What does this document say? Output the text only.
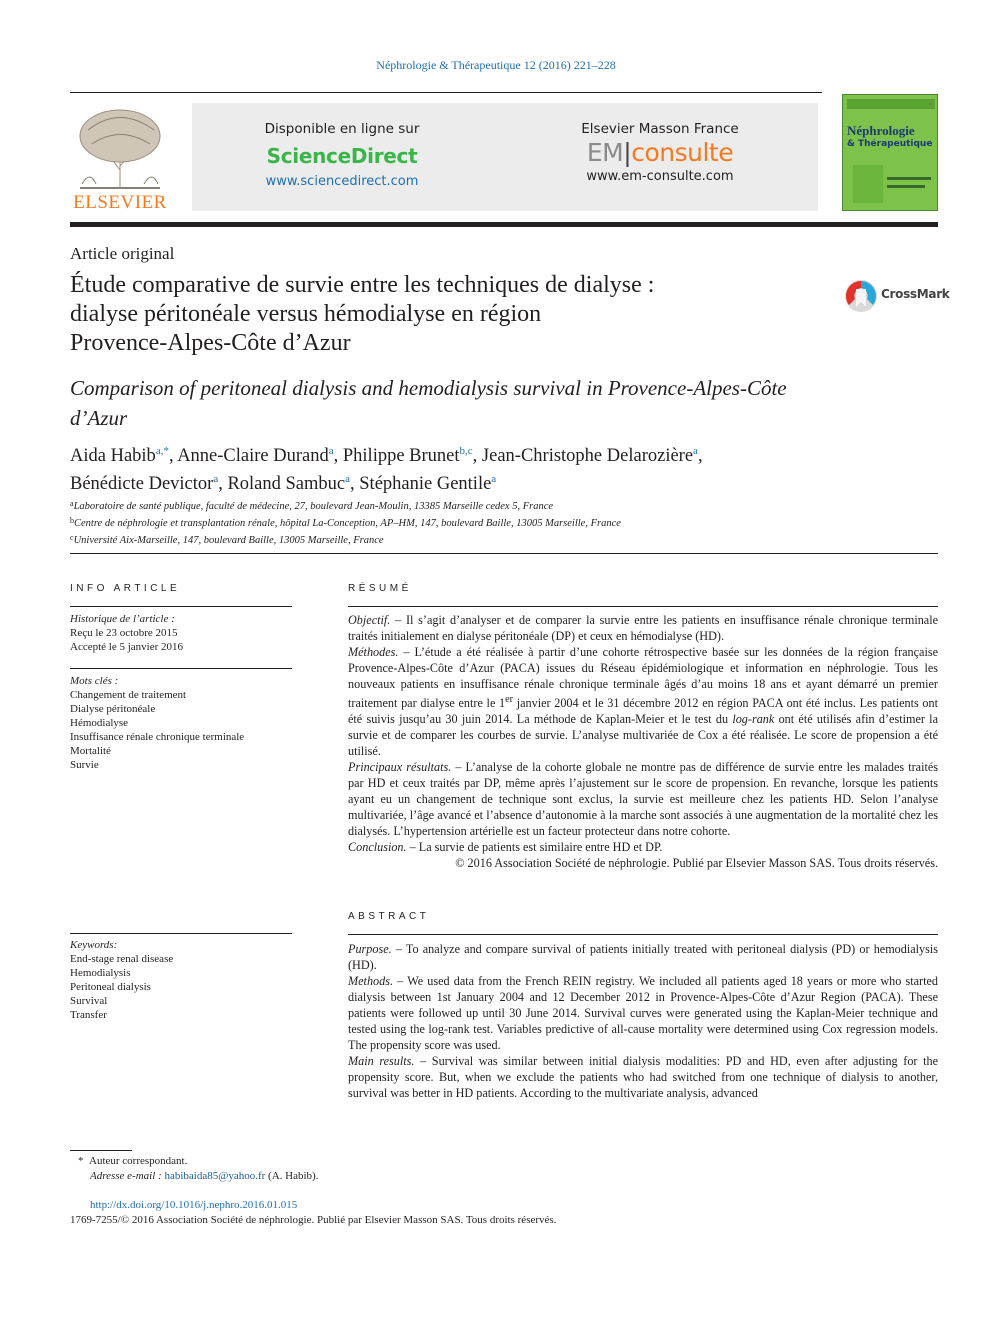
Néphrologie & Thérapeutique 12 (2016) 221–228
ELSEVIER
Disponible en ligne sur
ScienceDirect
www.sciencedirect.com
Elsevier Masson France
EM|consulte
www.em-consulte.com
Néphrologie
& Thérapeutique
Article original
Étude comparative de survie entre les techniques de dialyse :
dialyse péritonéale versus hémodialyse en région
Provence-Alpes-Côte d’Azur
CrossMark
Comparison of peritoneal dialysis and hemodialysis survival in Provence-Alpes-Côte
d’Azur
Aida Habib$^{a,*}$, Anne-Claire Durand$^a$, Philippe Brunet$^{b,c}$, Jean-Christophe Delarozière$^a$,
Bénédicte Devictor$^a$, Roland Sambuc$^a$, Stéphanie Gentile$^a$
$^a$Laboratoire de santé publique, faculté de médecine, 27, boulevard Jean-Moulin, 13385 Marseille cedex 5, France
$^b$Centre de néphrologie et transplantation rénale, hôpital La-Conception, AP–HM, 147, boulevard Baille, 13005 Marseille, France
$^c$Université Aix-Marseille, 147, boulevard Baille, 13005 Marseille, France
INFO ARTICLE
Historique de l’article :
Reçu le 23 octobre 2015
Accepté le 5 janvier 2016
Mots clés :
Changement de traitement
Dialyse péritonéale
Hémodialyse
Insuffisance rénale chronique terminale
Mortalité
Survie
Keywords:
End-stage renal disease
Hemodialysis
Peritoneal dialysis
Survival
Transfer
RÉSUMÉ

Objectif. – Il s’agit d’analyser et de comparer la survie entre les patients en insuffisance rénale chronique terminale traités initialement en dialyse péritonéale (DP) et ceux en hémodialyse (HD).

Méthodes. – L’étude a été réalisée à partir d’une cohorte rétrospective basée sur les données de la région française Provence-Alpes-Côte d’Azur (PACA) issues du Réseau épidémiologique et information en néphrologie. Tous les nouveaux patients en insuffisance rénale chronique terminale âgés d’au moins 18 ans et ayant démarré un premier traitement par dialyse entre le 1er janvier 2004 et le 31 décembre 2012 en région PACA ont été inclus. Les patients ont été suivis jusqu’au 30 juin 2014. La méthode de Kaplan-Meier et le test du log-rank ont été utilisés afin d’estimer la survie et de comparer les courbes de survie. L’analyse multivariée de Cox a été réalisée. Le score de propension a été utilisé.

Principaux résultats. – L’analyse de la cohorte globale ne montre pas de différence de survie entre les malades traités par HD et ceux traités par DP, même après l’ajustement sur le score de propension. En revanche, lorsque les patients ayant eu un changement de technique sont exclus, la survie est meilleure chez les patients HD. Selon l’analyse multivariée, l’âge avancé et l’absence d’autonomie à la marche sont associés à une augmentation de la mortalité chez les dialysés. L’hypertension artérielle est un facteur protecteur dans notre cohorte.

Conclusion. – La survie de patients est similaire entre HD et DP.

© 2016 Association Société de néphrologie. Publié par Elsevier Masson SAS. Tous droits réservés.

ABSTRACT

Purpose. – To analyze and compare survival of patients initially treated with peritoneal dialysis (PD) or hemodialysis (HD).

Methods. – We used data from the French REIN registry. We included all patients aged 18 years or more who started dialysis between 1st January 2004 and 12 December 2012 in Provence-Alpes-Côte d’Azur Region (PACA). These patients were followed up until 30 June 2014. Survival curves were generated using the Kaplan-Meier technique and tested using the log-rank test. Variables predictive of all-cause mortality were determined using Cox regression models. The propensity score was used.

Main results. – Survival was similar between initial dialysis modalities: PD and HD, even after adjusting for the propensity score. But, when we exclude the patients who had switched from one technique of dialysis to another, survival was better in HD patients. According to the multivariate analysis, advanced

* Auteur correspondant.
Adresse e-mail : habibaida85@yahoo.fr (A. Habib).
http://dx.doi.org/10.1016/j.nephro.2016.01.015
1769-7255/© 2016 Association Société de néphrologie. Publié par Elsevier Masson SAS. Tous droits réservés.
